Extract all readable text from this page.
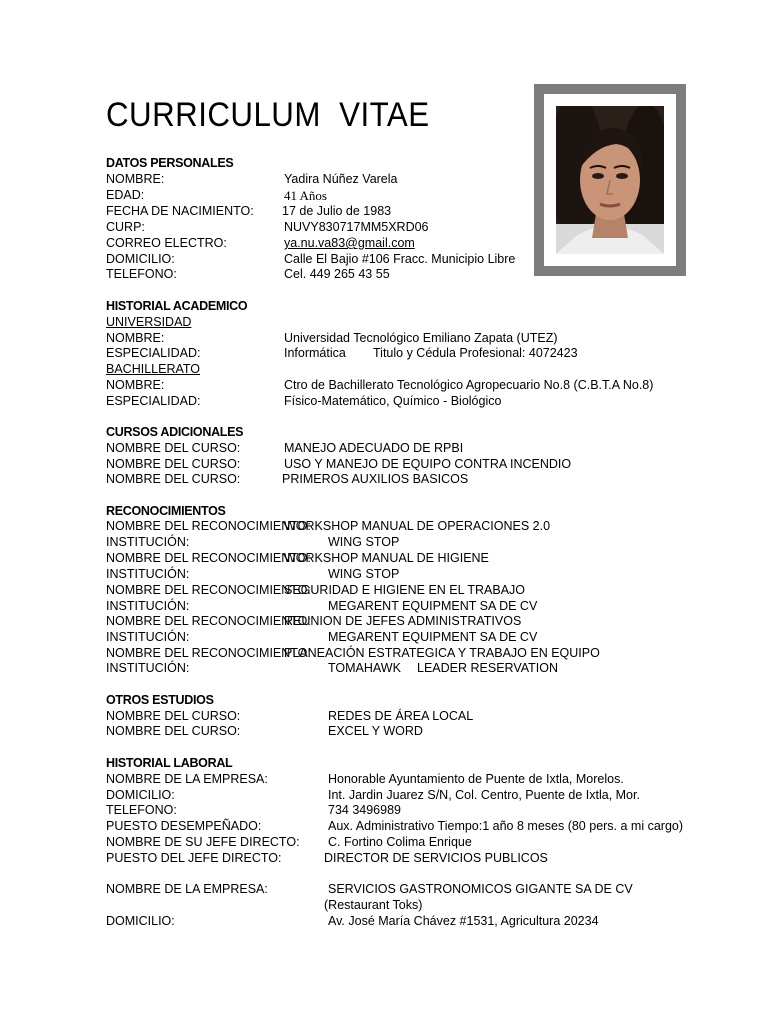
CURRICULUM  VITAE
DATOS PERSONALES
NOMBRE:	Yadira Núñez Varela
EDAD:	41 Años
FECHA DE NACIMIENTO: 17 de Julio de 1983
CURP:	NUVY830717MM5XRD06
CORREO ELECTRO:	ya.nu.va83@gmail.com
DOMICILIO:	Calle El Bajio #106 Fracc. Municipio Libre
TELEFONO:	Cel. 449 265 43 55
HISTORIAL ACADEMICO
UNIVERSIDAD
NOMBRE:	Universidad Tecnológico Emiliano Zapata (UTEZ)
ESPECIALIDAD:	Informática Titulo y Cédula Profesional: 4072423
BACHILLERATO
NOMBRE:	Ctro de Bachillerato Tecnológico Agropecuario No.8 (C.B.T.A No.8)
ESPECIALIDAD:	Físico-Matemático, Químico - Biológico
CURSOS ADICIONALES
NOMBRE DEL CURSO:	MANEJO ADECUADO DE RPBI
NOMBRE DEL CURSO:	USO Y MANEJO DE EQUIPO CONTRA INCENDIO
NOMBRE DEL CURSO:	PRIMEROS AUXILIOS BASICOS
RECONOCIMIENTOS
NOMBRE DEL RECONOCIMIENTO:
WORKSHOP MANUAL DE OPERACIONES 2.0
INSTITUCIÓN:	WING STOP
NOMBRE DEL RECONOCIMIENTO:
WORKSHOP MANUAL DE HIGIENE
INSTITUCIÓN:	WING STOP
NOMBRE DEL RECONOCIMIENTO:
SEGURIDAD E HIGIENE EN EL TRABAJO
INSTITUCIÓN:	MEGARENT EQUIPMENT SA DE CV
NOMBRE DEL RECONOCIMIENTO:
REUNION DE JEFES ADMINISTRATIVOS
INSTITUCIÓN:	MEGARENT EQUIPMENT SA DE CV
NOMBRE DEL RECONOCIMIENTO:
PLANEACIÓN ESTRATEGICA Y TRABAJO EN EQUIPO
INSTITUCIÓN:	TOMAHAWK LEADER RESERVATION
OTROS ESTUDIOS
NOMBRE DEL CURSO:	REDES DE ÁREA LOCAL
NOMBRE DEL CURSO:	EXCEL Y WORD
HISTORIAL LABORAL
NOMBRE DE LA EMPRESA:	Honorable Ayuntamiento de Puente de Ixtla, Morelos.
DOMICILIO:	Int. Jardin Juarez S/N, Col. Centro, Puente de Ixtla, Mor.
TELEFONO:	734 3496989
PUESTO DESEMPEÑADO:	Aux. Administrativo Tiempo:1 año 8 meses (80 pers. a mi cargo)
NOMBRE DE SU JEFE DIRECTO: C. Fortino Colima Enrique
PUESTO DEL JEFE DIRECTO:	DIRECTOR DE SERVICIOS PUBLICOS
NOMBRE DE LA EMPRESA:	SERVICIOS GASTRONOMICOS GIGANTE SA DE CV
(Restaurant Toks)
DOMICILIO:	Av. José María Chávez #1531, Agricultura 20234
